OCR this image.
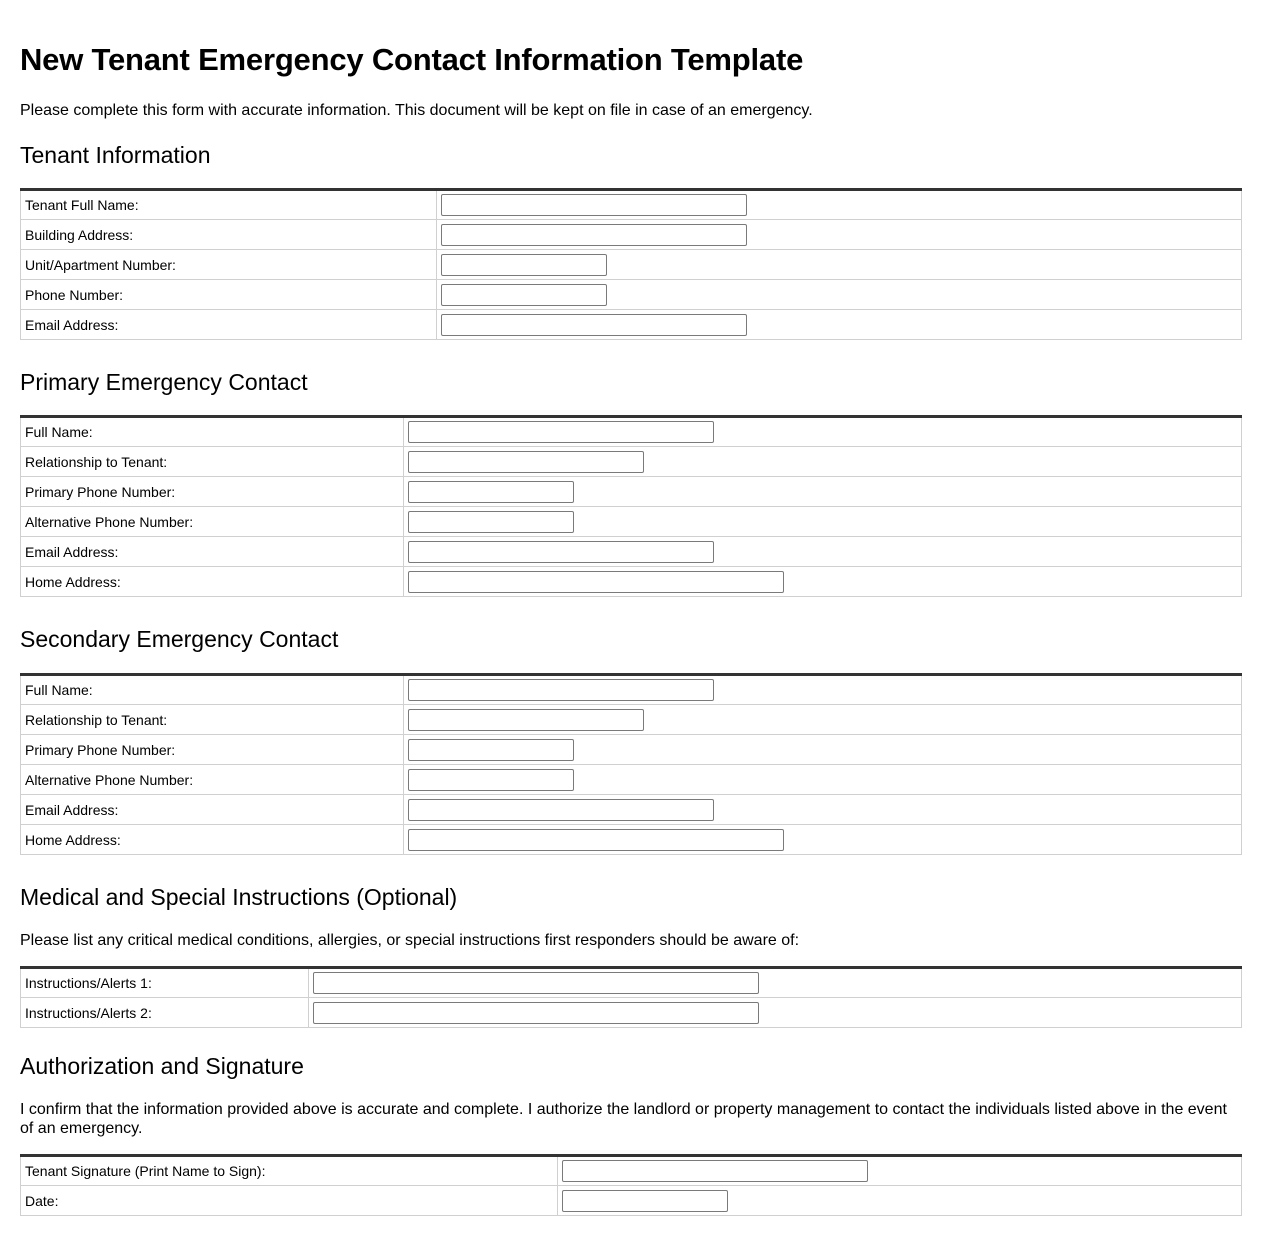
New Tenant Emergency Contact Information Template

Please complete this form with accurate information. This document will be kept on file in case of an emergency.

Tenant Information
Tenant Full Name:	

Building Address:	

Unit/Apartment Number:	

Phone Number:	

Email Address:	
Primary Emergency Contact
Full Name:	

Relationship to Tenant:	

Primary Phone Number:	

Alternative Phone Number:	

Email Address:	

Home Address:	
Secondary Emergency Contact
Full Name:	

Relationship to Tenant:	

Primary Phone Number:	

Alternative Phone Number:	

Email Address:	

Home Address:	
Medical and Special Instructions (Optional)

Please list any critical medical conditions, allergies, or special instructions first responders should be aware of:

Instructions/Alerts 1:	

Instructions/Alerts 2:	
Authorization and Signature

I confirm that the information provided above is accurate and complete. I authorize the landlord or property management to contact the individuals listed above in the event of an emergency.

Tenant Signature (Print Name to Sign):	

Date:	
